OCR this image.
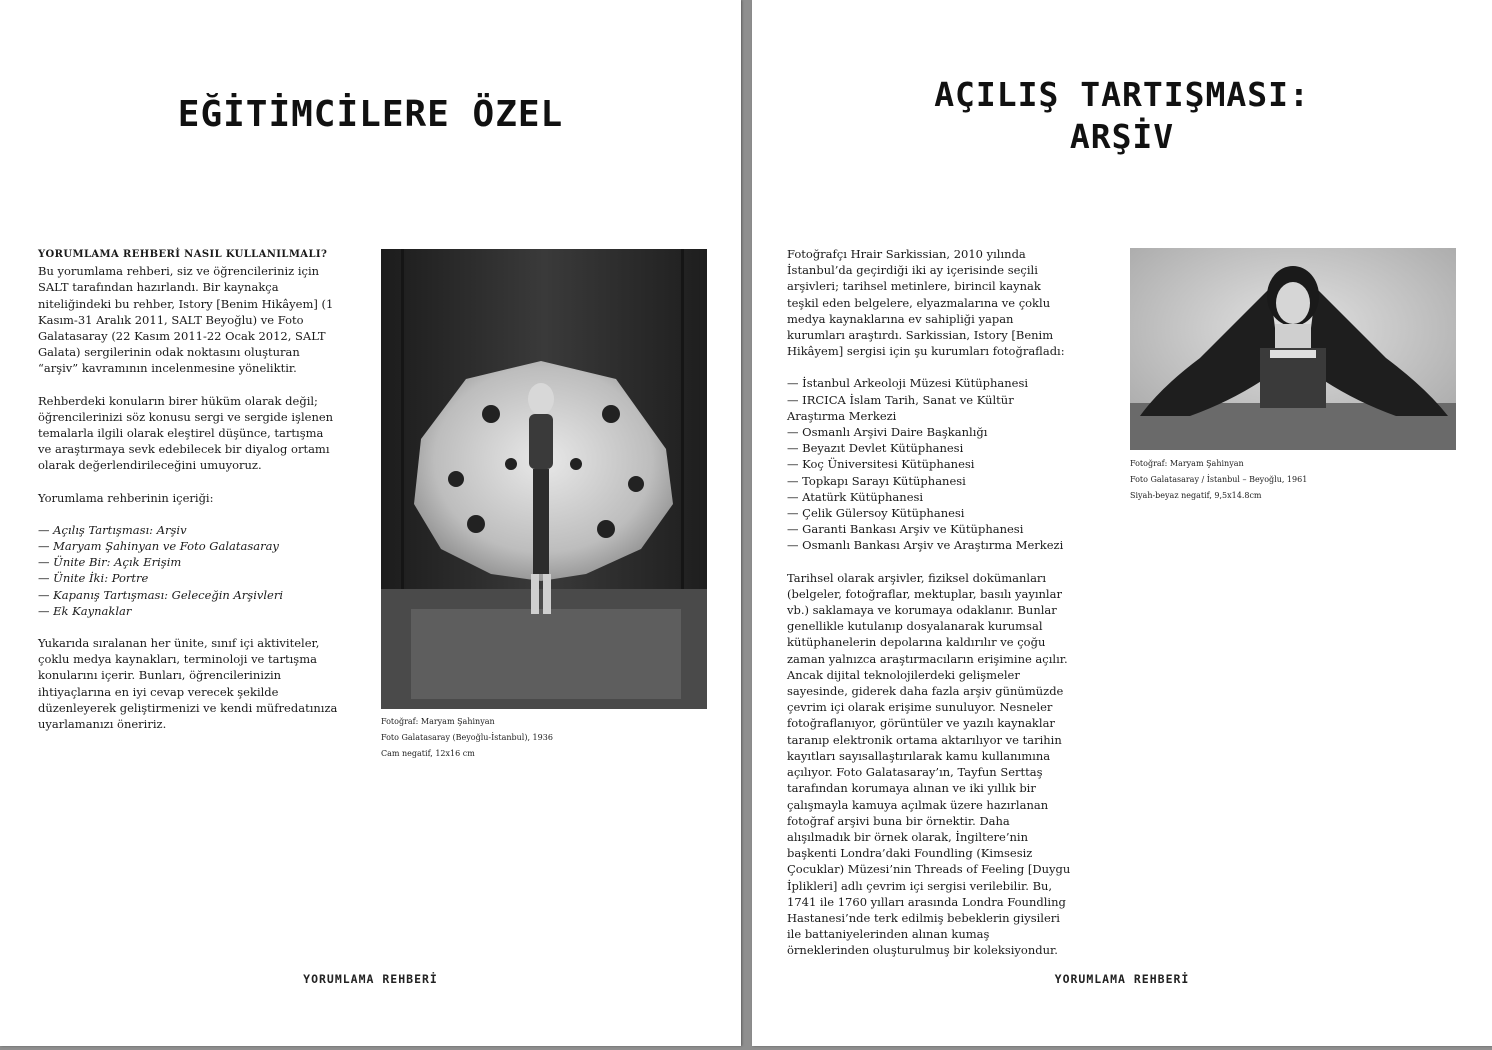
EĞİTİMCİLERE ÖZEL
YORUMLAMA REHBERİ NASIL KULLANILMALI?

Bu yorumlama rehberi, siz ve öğrencileriniz için SALT tarafından hazırlandı. Bir kaynakça niteliğindeki bu rehber, Istory [Benim Hikâyem] (1 Kasım-31 Aralık 2011, SALT Beyoğlu) ve Foto Galatasaray (22 Kasım 2011-22 Ocak 2012, SALT Galata) sergilerinin odak noktasını oluşturan “arşiv” kavramının incelenmesine yöneliktir.

Rehberdeki konuların birer hüküm olarak değil; öğrencilerinizi söz konusu sergi ve sergide işlenen temalarla ilgili olarak eleştirel düşünce, tartışma ve araştırmaya sevk edebilecek bir diyalog ortamı olarak değerlendirileceğini umuyoruz.

Yorumlama rehberinin içeriği:

— Açılış Tartışması: Arşiv
— Maryam Şahinyan ve Foto Galatasaray
— Ünite Bir: Açık Erişim
— Ünite İki: Portre
— Kapanış Tartışması: Geleceğin Arşivleri
— Ek Kaynaklar

Yukarıda sıralanan her ünite, sınıf içi aktiviteler, çoklu medya kaynakları, terminoloji ve tartışma konularını içerir. Bunları, öğrencilerinizin ihtiyaçlarına en iyi cevap verecek şekilde düzenleyerek geliştirmenizi ve kendi müfredatınıza uyarlamanızı öneririz.	Fotoğraf: Maryam Şahinyan
Foto Galatasaray (Beyoğlu-İstanbul), 1936
Cam negatif, 12x16 cm
YORUMLAMA REHBERİ
AÇILIŞ TARTIŞMASI:
ARŞİV

Fotoğrafçı Hrair Sarkissian, 2010 yılında İstanbul’da geçirdiği iki ay içerisinde seçili arşivleri; tarihsel metinlere, birincil kaynak teşkil eden belgelere, elyazmalarına ve çoklu medya kaynaklarına ev sahipliği yapan kurumları araştırdı. Sarkissian, Istory [Benim Hikâyem] sergisi için şu kurumları fotoğrafladı:

— İstanbul Arkeoloji Müzesi Kütüphanesi
— IRCICA İslam Tarih, Sanat ve Kültür Araştırma Merkezi
— Osmanlı Arşivi Daire Başkanlığı
— Beyazıt Devlet Kütüphanesi
— Koç Üniversitesi Kütüphanesi
— Topkapı Sarayı Kütüphanesi
— Atatürk Kütüphanesi
— Çelik Gülersoy Kütüphanesi
— Garanti Bankası Arşiv ve Kütüphanesi
— Osmanlı Bankası Arşiv ve Araştırma Merkezi

Tarihsel olarak arşivler, fiziksel dokümanları (belgeler, fotoğraflar, mektuplar, basılı yayınlar vb.) saklamaya ve korumaya odaklanır. Bunlar genellikle kutulanıp dosyalanarak kurumsal kütüphanelerin depolarına kaldırılır ve çoğu zaman yalnızca araştırmacıların erişimine açılır. Ancak dijital teknolojilerdeki gelişmeler sayesinde, giderek daha fazla arşiv günümüzde çevrim içi olarak erişime sunuluyor. Nesneler fotoğraflanıyor, görüntüler ve yazılı kaynaklar taranıp elektronik ortama aktarılıyor ve tarihin kayıtları sayısallaştırılarak kamu kullanımına açılıyor. Foto Galatasaray’ın, Tayfun Serttaş tarafından korumaya alınan ve iki yıllık bir çalışmayla kamuya açılmak üzere hazırlanan fotoğraf arşivi buna bir örnektir. Daha alışılmadık bir örnek olarak, İngiltere’nin başkenti Londra’daki Foundling (Kimsesiz Çocuklar) Müzesi’nin Threads of Feeling [Duygu İplikleri] adlı çevrim içi sergisi verilebilir. Bu, 1741 ile 1760 yılları arasında Londra Foundling Hastanesi’nde terk edilmiş bebeklerin giysileri ile battaniyelerinden alınan kumaş örneklerinden oluşturulmuş bir koleksiyondur.

Fotoğraf: Maryam Şahinyan
Foto Galatasaray / İstanbul – Beyoğlu, 1961
Siyah-beyaz negatif, 9,5x14.8cm
YORUMLAMA REHBERİ
